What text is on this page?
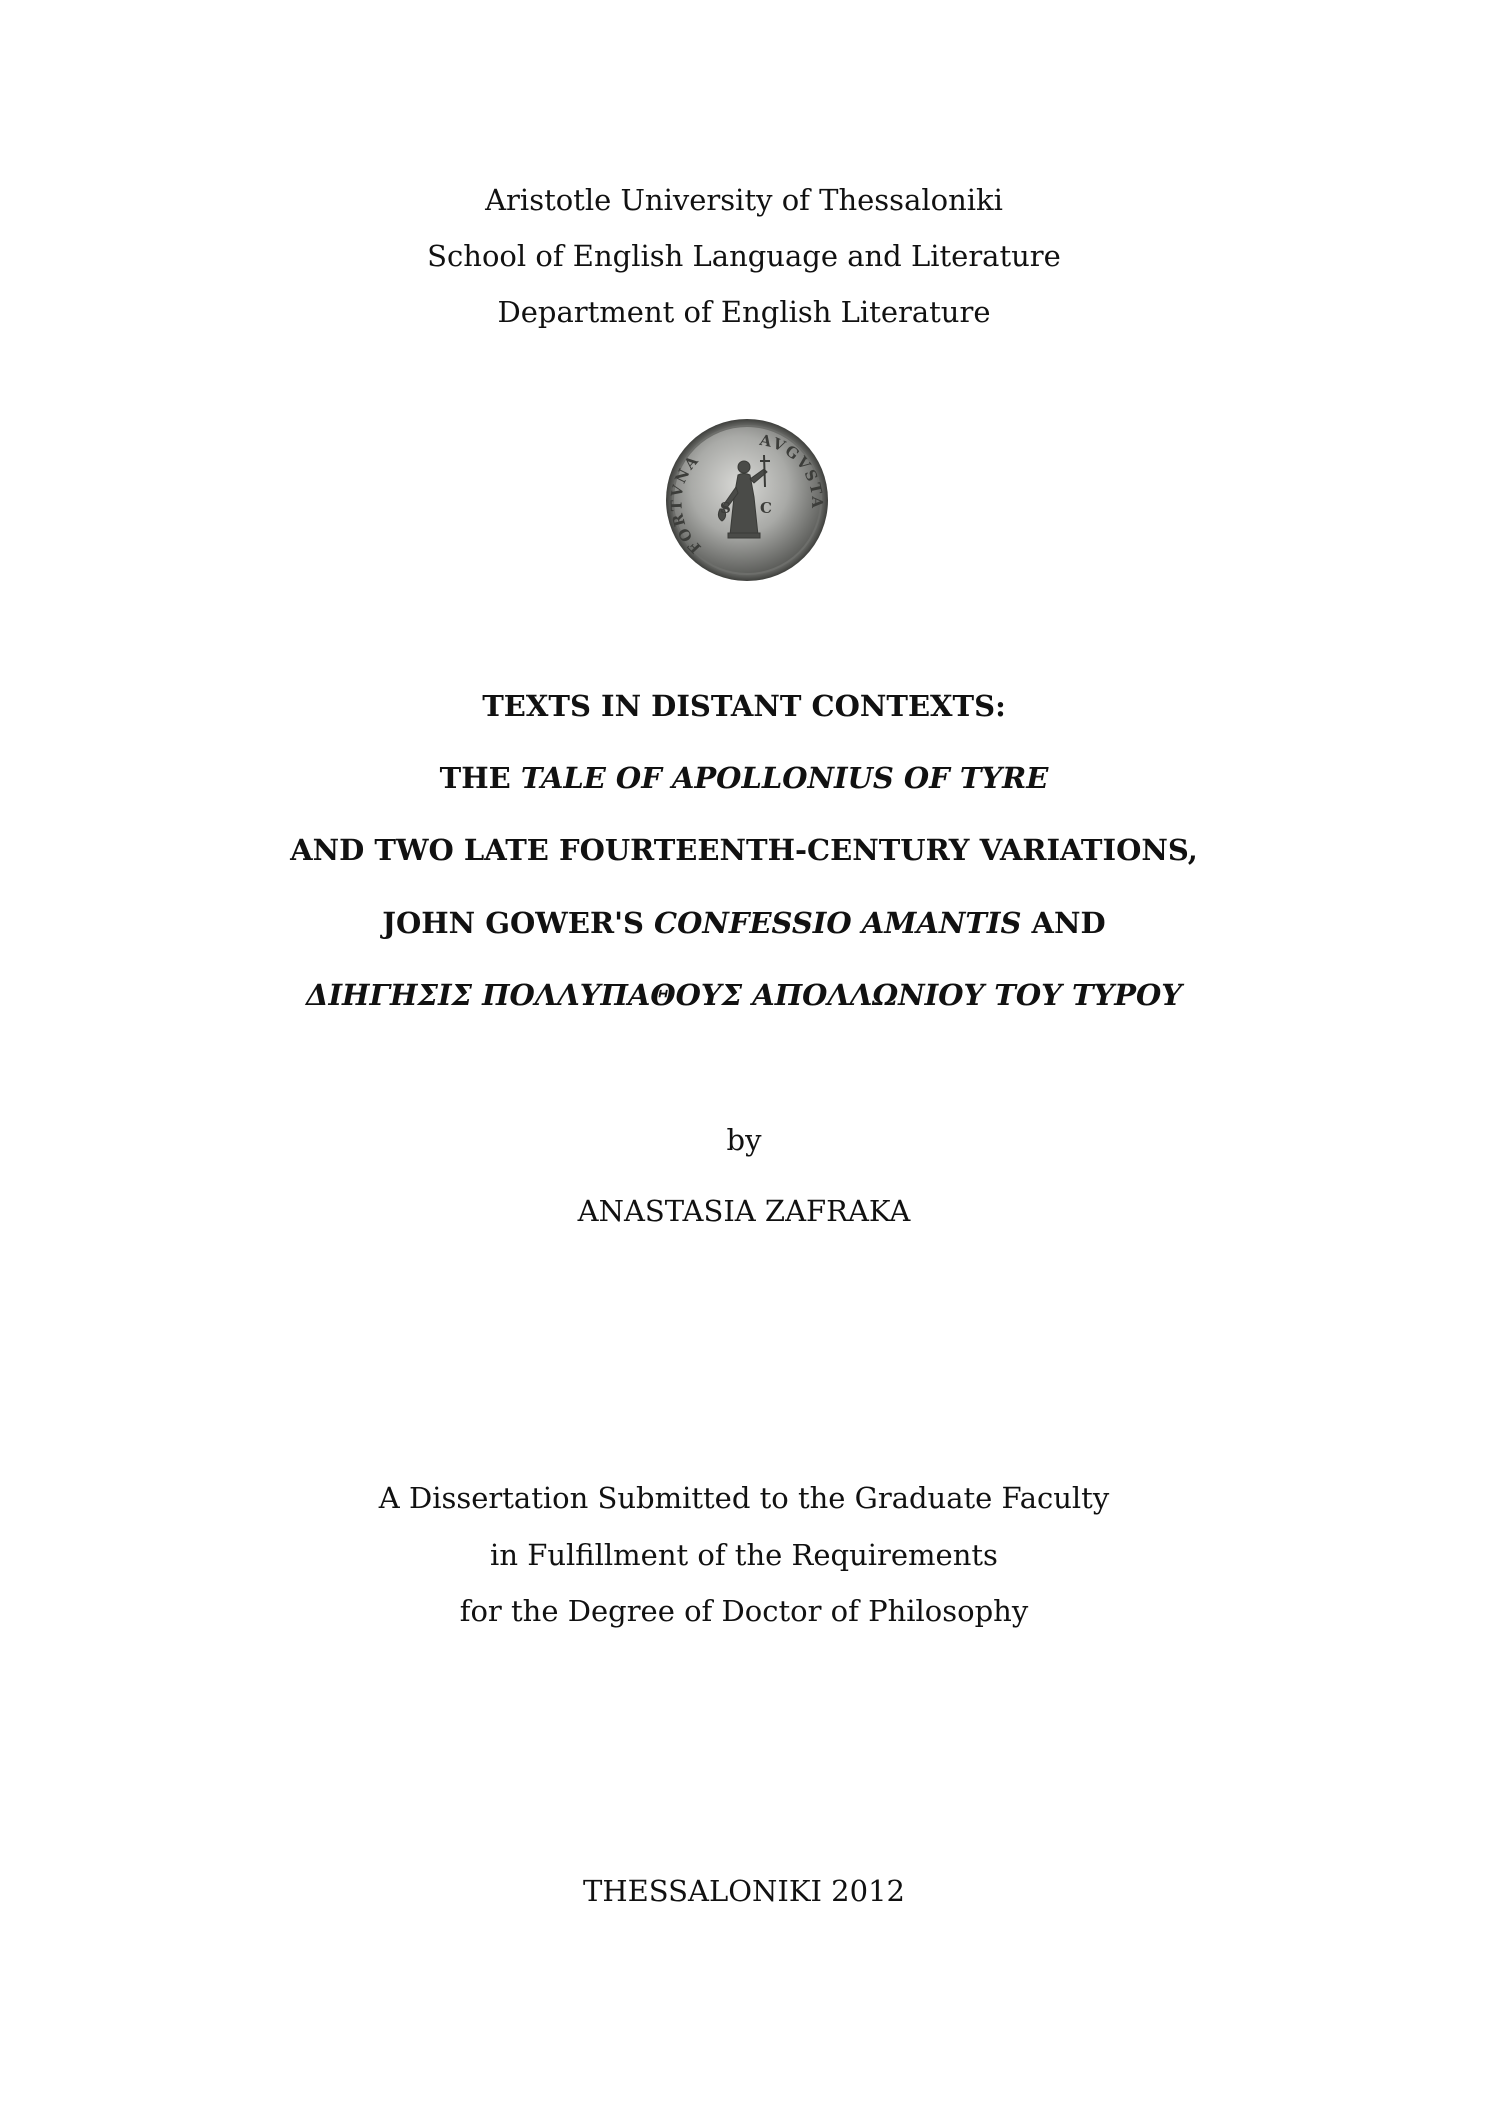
Aristotle University of Thessaloniki
School of English Language and Literature
Department of English Literature
S C
FORTVNA
AVGVSTA
TEXTS IN DISTANT CONTEXTS:
THE TALE OF APOLLONIUS OF TYRE
AND TWO LATE FOURTEENTH-CENTURY VARIATIONS,
JOHN GOWER'S CONFESSIO AMANTIS AND
ΔΙΗΓΗΣΙΣ ΠΟΛΛΥΠΑΘΟΥΣ ΑΠΟΛΛΩΝΙΟΥ ΤΟΥ ΤΥΡΟΥ
by
ANASTASIA ZAFRAKA
A Dissertation Submitted to the Graduate Faculty
in Fulfillment of the Requirements
for the Degree of Doctor of Philosophy
THESSALONIKI 2012
